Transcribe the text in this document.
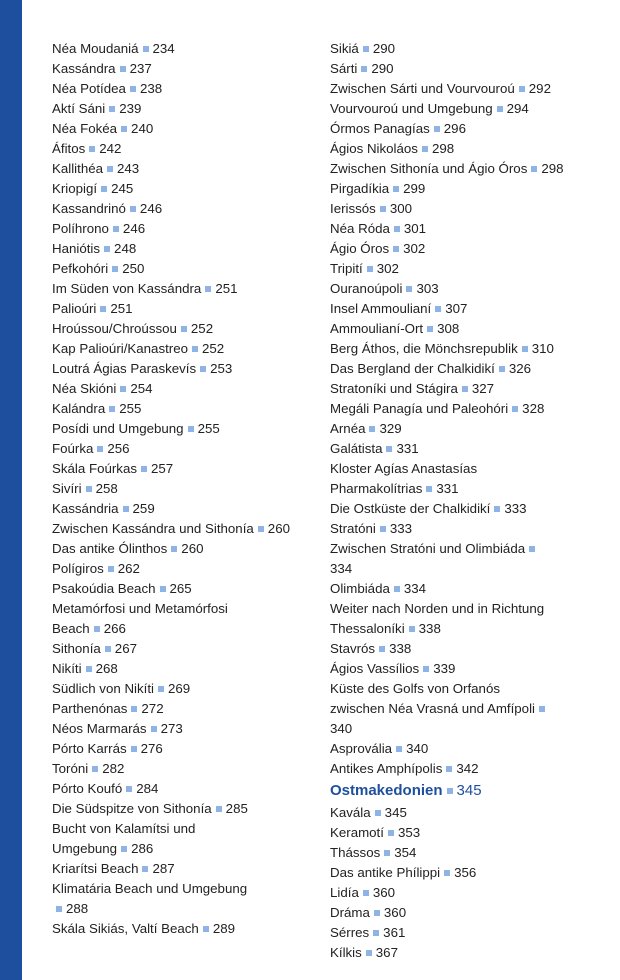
Néa Moudaniá 234
Kassándra 237
Néa Potídea 238
Aktí Sáni 239
Néa Fokéa 240
Áfitos 242
Kallithéa 243
Kriopigí 245
Kassandrinó 246
Políhrono 246
Haniótis 248
Pefkohóri 250
Im Süden von Kassándra 251
Palioúri 251
Hroússou/Chroússou 252
Kap Palioúri/Kanastreo 252
Loutrá Ágias Paraskevís 253
Néa Skióni 254
Kalándra 255
Posídi und Umgebung 255
Foúrka 256
Skála Foúrkas 257
Sivíri 258
Kassándria 259
Zwischen Kassándra und Sithonía 260
Das antike Ólinthos 260
Polígiros 262
Psakoúdia Beach 265
Metamórfosi und Metamórfosi Beach 266
Sithonía 267
Nikíti 268
Südlich von Nikíti 269
Parthenónas 272
Néos Marmarás 273
Pórto Karrás 276
Toróni 282
Pórto Koufó 284
Die Südspitze von Sithonía 285
Bucht von Kalamítsi und Umgebung 286
Kriarítsi Beach 287
Klimatária Beach und Umgebung288
Skála Sikiás, Valtí Beach 289
Sikiá 290
Sárti 290
Zwischen Sárti und Vourvouroú 292
Vourvouroú und Umgebung 294
Órmos Panagías 296
Ágios Nikoláos 298
Zwischen Sithonía und Ágio Óros 298
Pirgadíkia 299
Ierissós 300
Néa Róda 301
Ágio Óros 302
Tripití 302
Ouranoúpoli 303
Insel Ammoulianí 307
Ammoulianí-Ort 308
Berg Áthos, die Mönchsrepublik 310
Das Bergland der Chalkidikí 326
Stratoníki und Stágira 327
Megáli Panagía und Paleohóri 328
Arnéa 329
Galátista 331
Kloster Agías Anastasías Pharmakolítrias 331
Die Ostküste der Chalkidikí 333
Stratóni 333
Zwischen Stratóni und Olimbiáda334
Olimbiáda 334
Weiter nach Norden und in Richtung Thessaloníki 338
Stavrós 338
Ágios Vassílios 339
Küste des Golfs von Orfanós zwischen Néa Vrasná und Amfípoli340
Asprovália 340
Antikes Amphípolis 342
Ostmakedonien 345
Kavála 345
Keramotí 353
Thássos 354
Das antike Phílippi 356
Lidía 360
Dráma 360
Sérres 361
Kílkis 367
